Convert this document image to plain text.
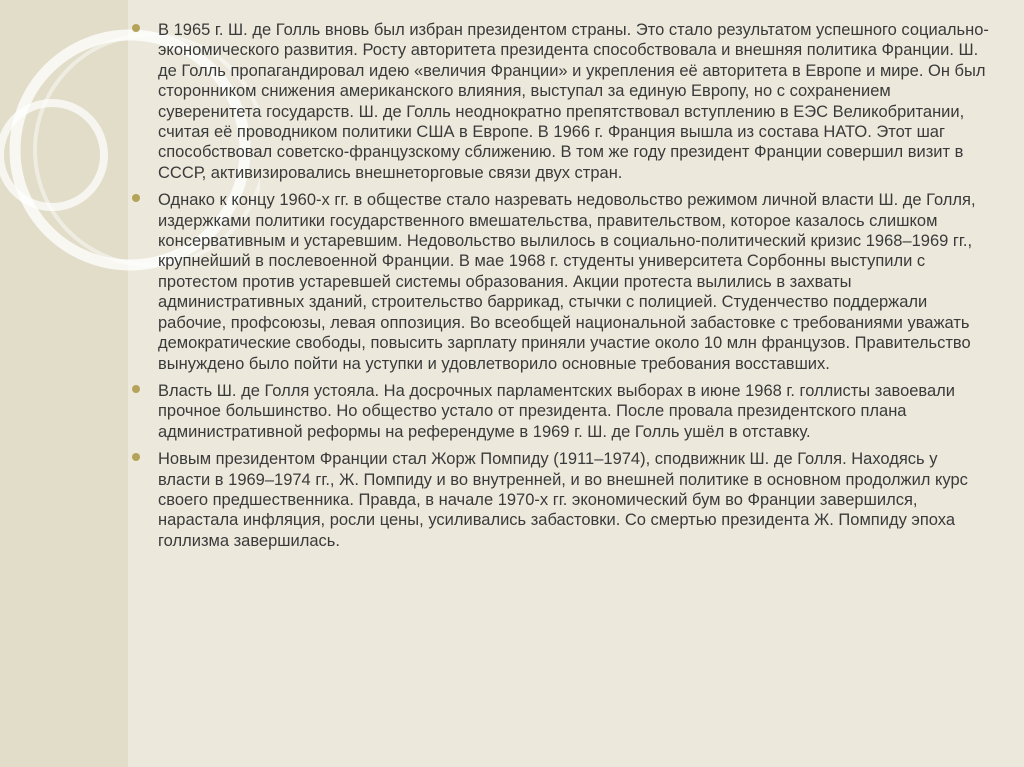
В 1965 г. Ш. де Голль вновь был избран президентом страны. Это стало результатом успешного социально-экономического развития. Росту авторитета президента способствовала и внешняя политика Франции. Ш. де Голль пропагандировал идею «величия Франции» и укрепления её авторитета в Европе и мире. Он был сторонником снижения американского влияния, выступал за единую Европу, но с сохранением суверенитета государств. Ш. де Голль неоднократно препятствовал вступлению в ЕЭС Великобритании, считая её проводником политики США в Европе. В 1966 г. Франция вышла из состава НАТО. Этот шаг способствовал советско-французскому сближению. В том же году президент Франции совершил визит в СССР, активизировались внешнеторговые связи двух стран.
Однако к концу 1960-х гг. в обществе стало назревать недовольство режимом личной власти Ш. де Голля, издержками политики государственного вмешательства, правительством, которое казалось слишком консервативным и устаревшим. Недовольство вылилось в социально-политический кризис 1968–1969 гг., крупнейший в послевоенной Франции. В мае 1968 г. студенты университета Сорбонны выступили с протестом против устаревшей системы образования. Акции протеста вылились в захваты административных зданий, строительство баррикад, стычки с полицией. Студенчество поддержали рабочие, профсоюзы, левая оппозиция. Во всеобщей национальной забастовке с требованиями уважать демократические свободы, повысить зарплату приняли участие около 10 млн французов. Правительство вынуждено было пойти на уступки и удовлетворило основные требования восставших.
Власть Ш. де Голля устояла. На досрочных парламентских выборах в июне 1968 г. голлисты завоевали прочное большинство. Но общество устало от президента. После провала президентского плана административной реформы на референдуме в 1969 г. Ш. де Голль ушёл в отставку.
Новым президентом Франции стал Жорж Помпиду (1911–1974), сподвижник Ш. де Голля. Находясь у власти в 1969–1974 гг., Ж. Помпиду и во внутренней, и во внешней политике в основном продолжил курс своего предшественника. Правда, в начале 1970-х гг. экономический бум во Франции завершился, нарастала инфляция, росли цены, усиливались забастовки. Со смертью президента Ж. Помпиду эпоха голлизма завершилась.
